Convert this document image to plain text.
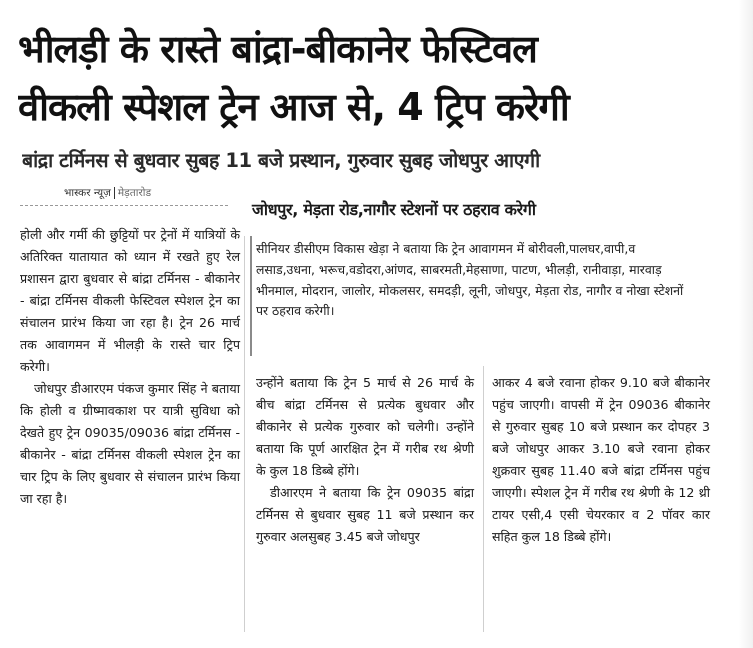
भीलड़ी के रास्ते बांद्रा-बीकानेर फेस्टिवल
वीकली स्पेशल ट्रेन आज से, 4 ट्रिप करेगी
बांद्रा टर्मिनस से बुधवार सुबह 11 बजे प्रस्थान, गुरुवार सुबह जोधपुर आएगी
भास्कर न्यूज़ मेड़तारोड
जोधपुर, मेड़ता रोड,नागौर स्टेशनों पर ठहराव करेगी

होली और गर्मी की छुट्टियों पर ट्रेनों में यात्रियों के अतिरिक्त यातायात को ध्यान में रखते हुए रेल प्रशासन द्वारा बुधवार से बांद्रा टर्मिनस - बीकानेर - बांद्रा टर्मिनस वीकली फेस्टिवल स्पेशल ट्रेन का संचालन प्रारंभ किया जा रहा है। ट्रेन 26 मार्च तक आवागमन में भीलड़ी के रास्ते चार ट्रिप करेगी।

जोधपुर डीआरएम पंकज कुमार सिंह ने बताया कि होली व ग्रीष्मावकाश पर यात्री सुविधा को देखते हुए ट्रेन 09035/09036 बांद्रा टर्मिनस - बीकानेर - बांद्रा टर्मिनस वीकली स्पेशल ट्रेन का चार ट्रिप के लिए बुधवार से संचालन प्रारंभ किया जा रहा है।

सीनियर डीसीएम विकास खेड़ा ने बताया कि ट्रेन आवागमन में बोरीवली,पालघर,वापी,व लसाड,उधना, भरूच,वडोदरा,आंणद, साबरमती,मेहसाणा, पाटण, भीलड़ी, रानीवाड़ा, मारवाड़ भीनमाल, मोदरान, जालोर, मोकलसर, समदड़ी, लूनी, जोधपुर, मेड़ता रोड, नागौर व नोखा स्टेशनों पर ठहराव करेगी।

उन्होंने बताया कि ट्रेन 5 मार्च से 26 मार्च के बीच बांद्रा टर्मिनस से प्रत्येक बुधवार और बीकानेर से प्रत्येक गुरुवार को चलेगी। उन्होंने बताया कि पूर्ण आरक्षित ट्रेन में गरीब रथ श्रेणी के कुल 18 डिब्बे होंगे।

डीआरएम ने बताया कि ट्रेन 09035 बांद्रा टर्मिनस से बुधवार सुबह 11 बजे प्रस्थान कर गुरुवार अलसुबह 3.45 बजे जोधपुर

आकर 4 बजे रवाना होकर 9.10 बजे बीकानेर पहुंच जाएगी। वापसी में ट्रेन 09036 बीकानेर से गुरुवार सुबह 10 बजे प्रस्थान कर दोपहर 3 बजे जोधपुर आकर 3.10 बजे रवाना होकर शुक्रवार सुबह 11.40 बजे बांद्रा टर्मिनस पहुंच जाएगी। स्पेशल ट्रेन में गरीब रथ श्रेणी के 12 थ्री टायर एसी,4 एसी चेयरकार व 2 पॉवर कार सहित कुल 18 डिब्बे होंगे।
